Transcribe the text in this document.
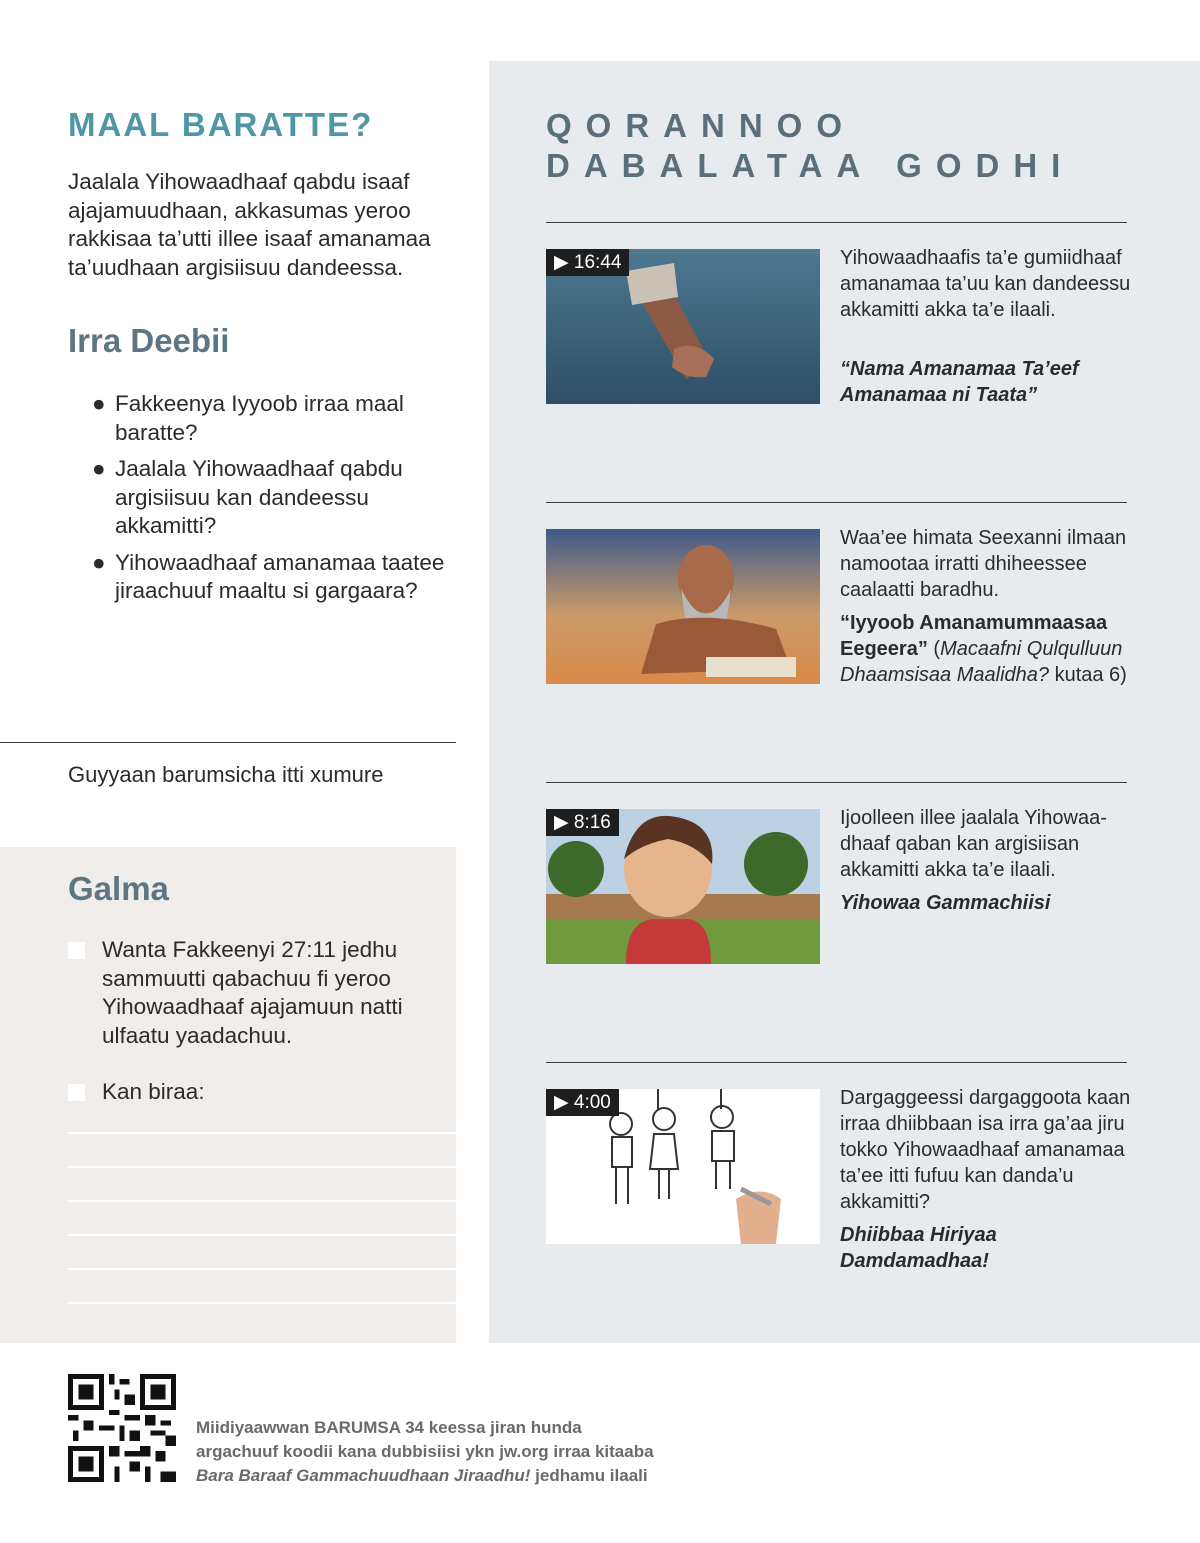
MAAL BARATTE?

Jaalala Yihowaadhaaf qabdu isaaf ajajamuudhaan, akkasumas yeroo rakkisaa ta’utti illee isaaf amanamaa ta’uudhaan argisiisuu dandeessa.

Irra Deebii
● Fakkeenya Iyyoob irraa maal baratte?
● Jaalala Yihowaadhaaf qabdu argisiisuu kan dandeessu akkamitti?
● Yihowaadhaaf amanamaa taatee jiraachuuf maaltu si gargaara?

Guyyaan barumsicha itti xumure

Galma
Wanta Fakkeenyi 27:11 jedhu sammuutti qabachuu fi yeroo Yihowaadhaaf ajajamuun natti ulfaatu yaadachuu.
Kan biraa:
QORANNOO
DABALATAA GODHI
▶ 16:44	Yihowaadhaafis ta’e gumiidhaaf amanamaa ta’uu kan dandeessu akkamitti akka ta’e ilaali.

“Nama Amanamaa Ta’eef Amanamaa ni Taata”

Waa’ee himata Seexanni ilmaan namootaa irratti dhiheessee caalaatti baradhu.

“Iyyoob Amanamummaasaa Eegeera” (Macaafni Qulqulluun Dhaamsisaa Maalidha? kutaa 6)

▶ 8:16	Ijoolleen illee jaalala Yihowaadhaaf qaban kan argisiisan akkamitti akka ta’e ilaali.

Yihowaa Gammachiisi

▶ 4:00	Dargaggeessi dargaggoota kaan irraa dhiibbaan isa irra ga’aa jiru tokko Yihowaadhaaf amanamaa ta’ee itti fufuu kan danda’u akkamitti?

Dhiibbaa Hiriyaa Damdamadhaa!

Miidiyaawwan BARUMSA 34 keessa jiran hunda
argachuuf koodii kana dubbisiisi ykn jw.org irraa kitaaba
Bara Baraaf Gammachuudhaan Jiraadhu! jedhamu ilaali
